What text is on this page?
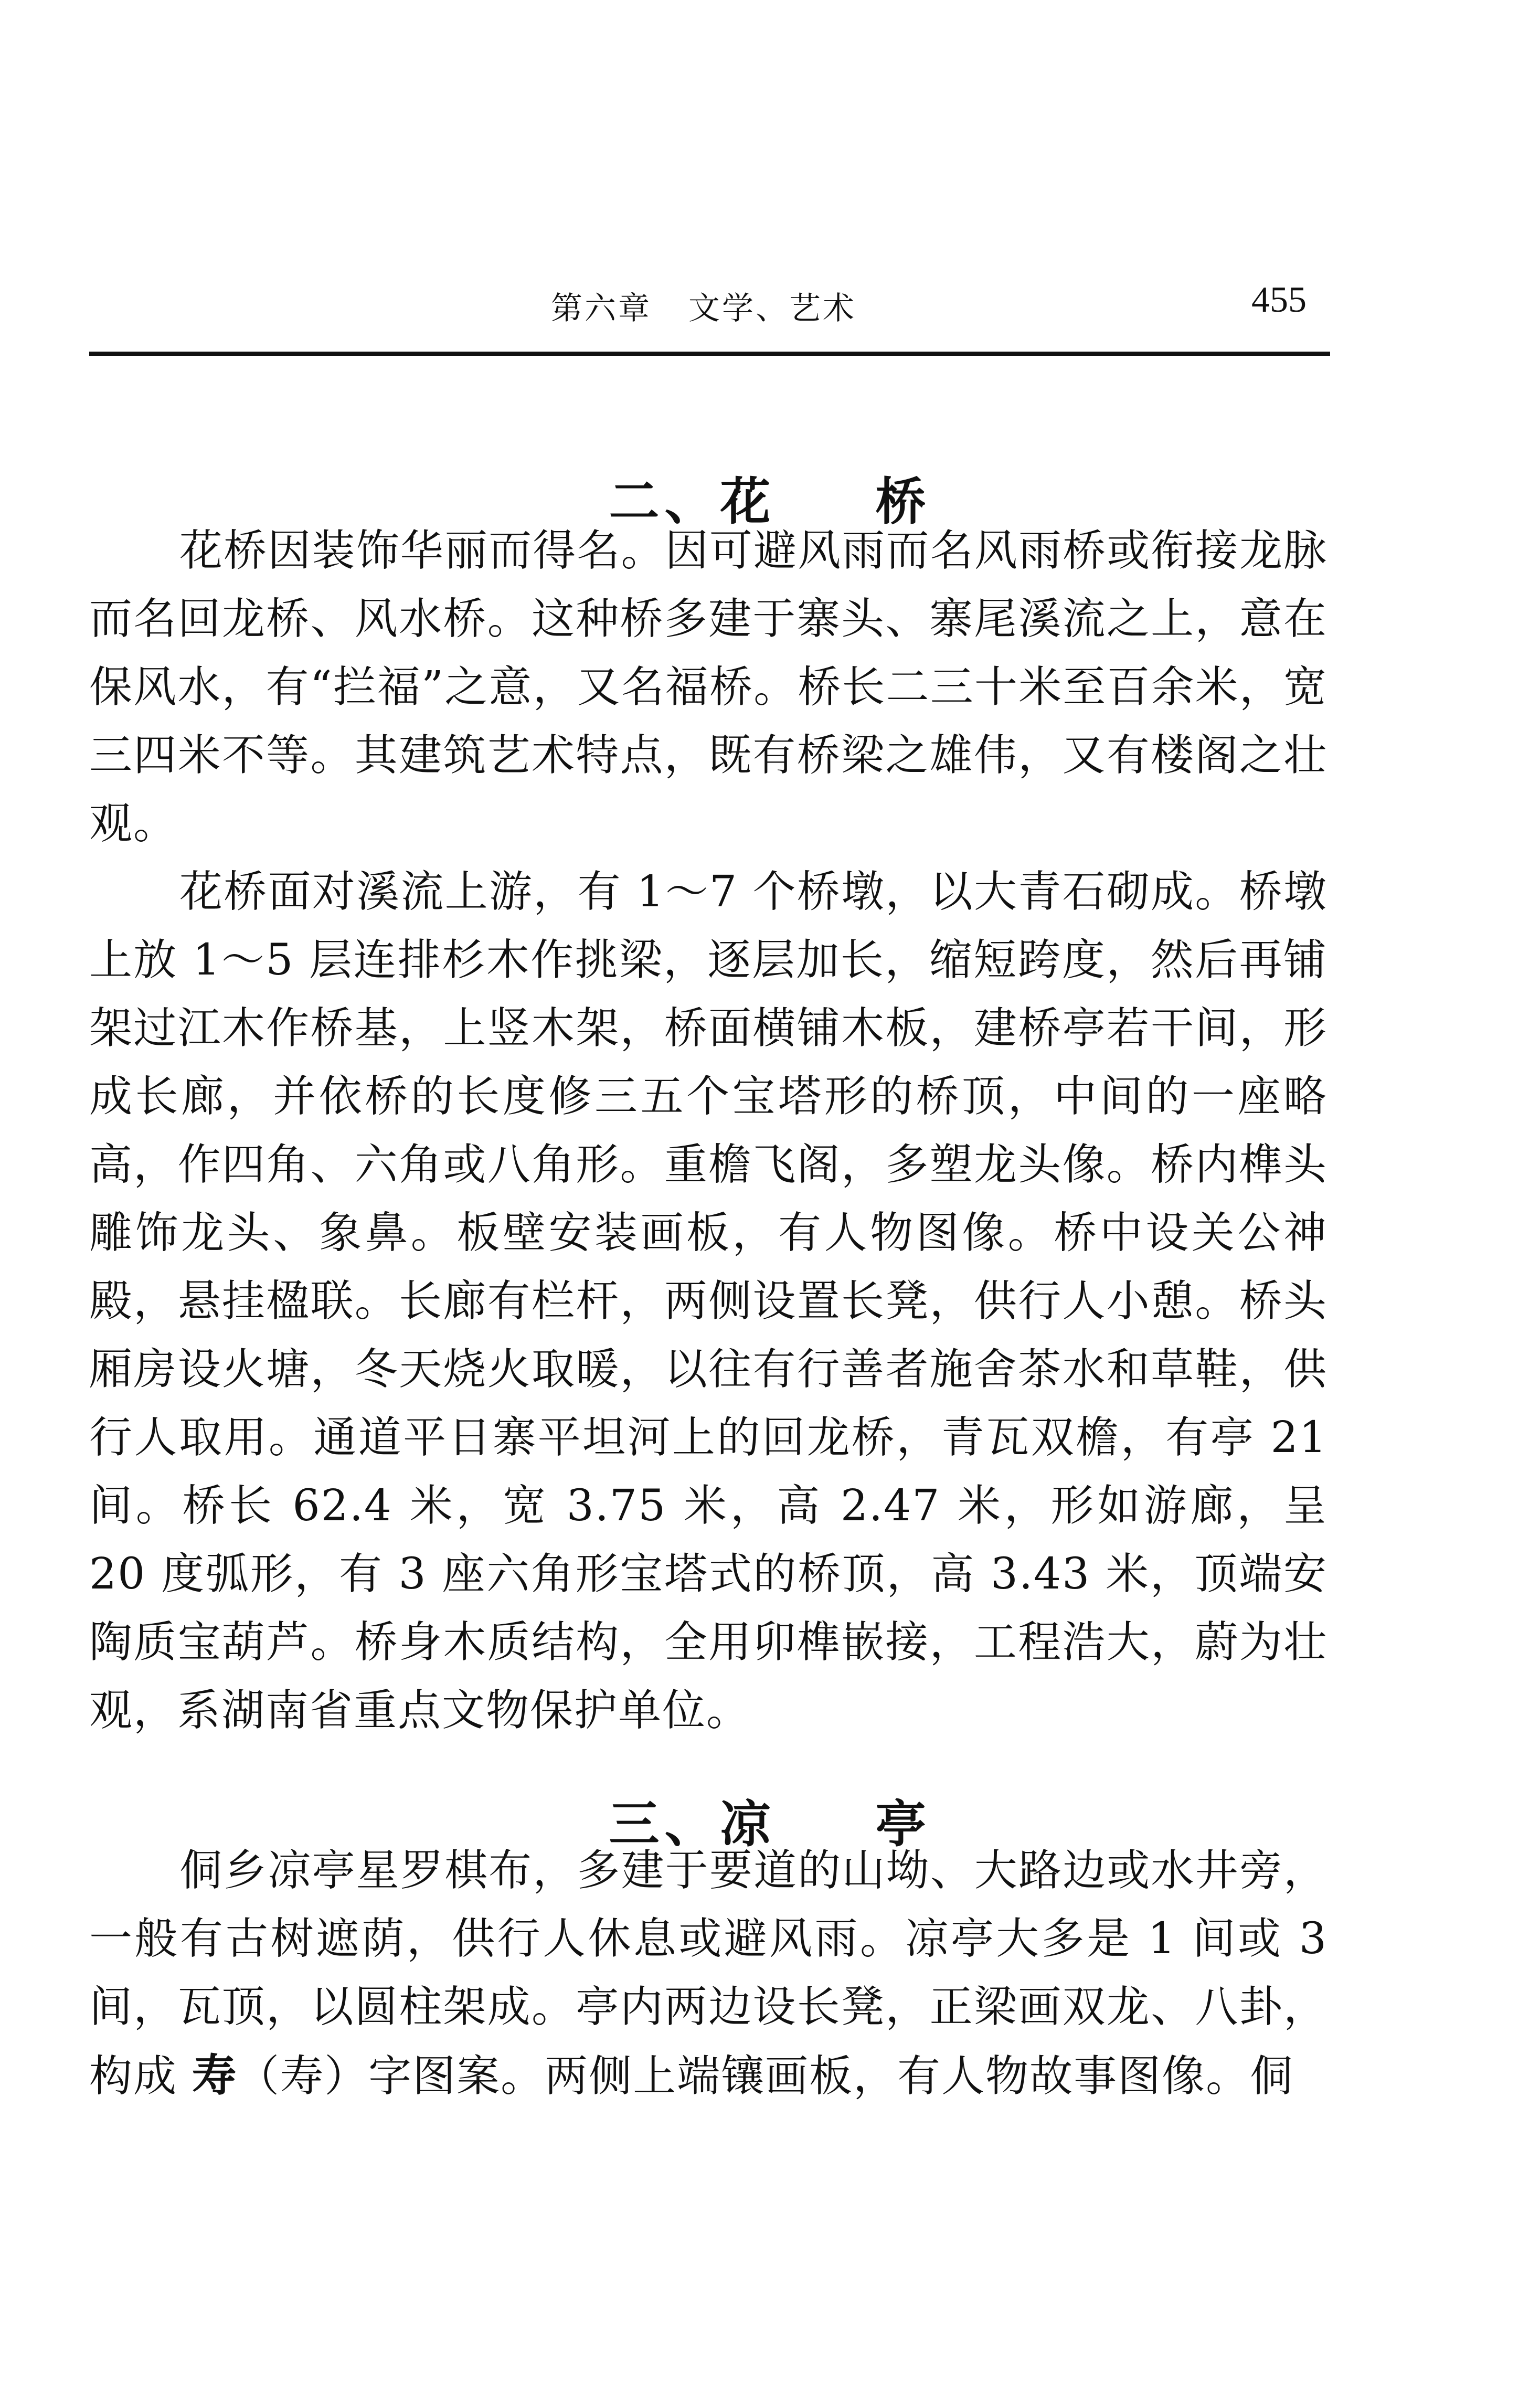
第六章 文学、艺术	455
二、花 桥

花桥因装饰华丽而得名。因可避风雨而名风雨桥或衔接龙脉而名回龙桥、风水桥。这种桥多建于寨头、寨尾溪流之上，意在保风水，有“拦福”之意，又名福桥。桥长二三十米至百余米，宽三四米不等。其建筑艺术特点，既有桥梁之雄伟，又有楼阁之壮观。

花桥面对溪流上游，有 1～7 个桥墩，以大青石砌成。桥墩上放 1～5 层连排杉木作挑梁，逐层加长，缩短跨度，然后再铺架过江木作桥基，上竖木架，桥面横铺木板，建桥亭若干间，形成长廊，并依桥的长度修三五个宝塔形的桥顶，中间的一座略高，作四角、六角或八角形。重檐飞阁，多塑龙头像。桥内榫头雕饰龙头、象鼻。板壁安装画板，有人物图像。桥中设关公神殿，悬挂楹联。长廊有栏杆，两侧设置长凳，供行人小憩。桥头厢房设火塘，冬天烧火取暖，以往有行善者施舍茶水和草鞋，供行人取用。通道平日寨平坦河上的回龙桥，青瓦双檐，有亭 21 间。桥长 62.4 米，宽 3.75 米，高 2.47 米，形如游廊，呈 20 度弧形，有 3 座六角形宝塔式的桥顶，高 3.43 米，顶端安陶质宝葫芦。桥身木质结构，全用卯榫嵌接，工程浩大，蔚为壮观，系湖南省重点文物保护单位。

三、凉 亭

侗乡凉亭星罗棋布，多建于要道的山坳、大路边或水井旁，一般有古树遮荫，供行人休息或避风雨。凉亭大多是 1 间或 3 间，瓦顶，以圆柱架成。亭内两边设长凳，正梁画双龙、八卦，构成 寿（寿）字图案。两侧上端镶画板，有人物故事图像。侗
